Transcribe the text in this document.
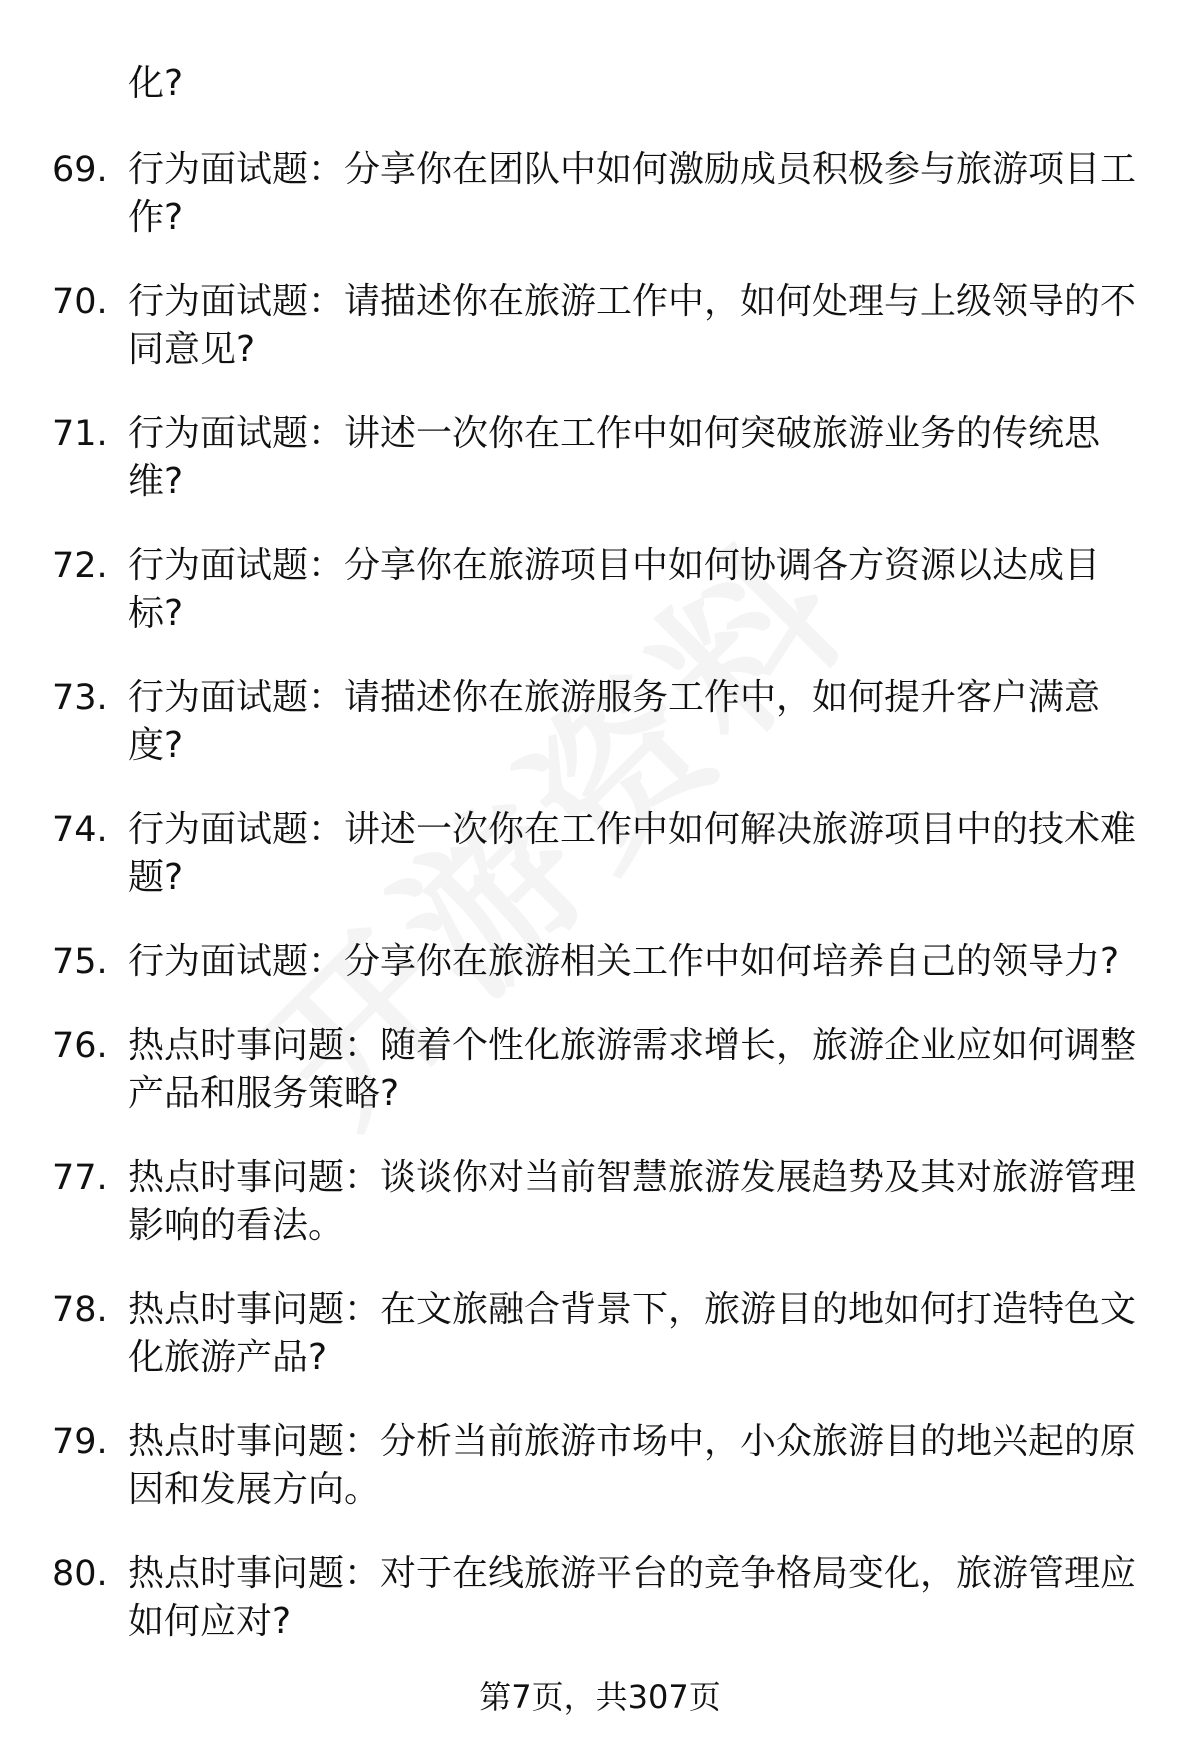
化?
69. 行为面试题：分享你在团队中如何激励成员积极参与旅游项目工作?
70. 行为面试题：请描述你在旅游工作中，如何处理与上级领导的不同意见?
71. 行为面试题：讲述一次你在工作中如何突破旅游业务的传统思维?
72. 行为面试题：分享你在旅游项目中如何协调各方资源以达成目标?
73. 行为面试题：请描述你在旅游服务工作中，如何提升客户满意度?
74. 行为面试题：讲述一次你在工作中如何解决旅游项目中的技术难题?
75. 行为面试题：分享你在旅游相关工作中如何培养自己的领导力?
76. 热点时事问题：随着个性化旅游需求增长，旅游企业应如何调整产品和服务策略?
77. 热点时事问题：谈谈你对当前智慧旅游发展趋势及其对旅游管理影响的看法。
78. 热点时事问题：在文旅融合背景下，旅游目的地如何打造特色文化旅游产品?
79. 热点时事问题：分析当前旅游市场中，小众旅游目的地兴起的原因和发展方向。
80. 热点时事问题：对于在线旅游平台的竞争格局变化，旅游管理应如何应对?
第7页，共307页
